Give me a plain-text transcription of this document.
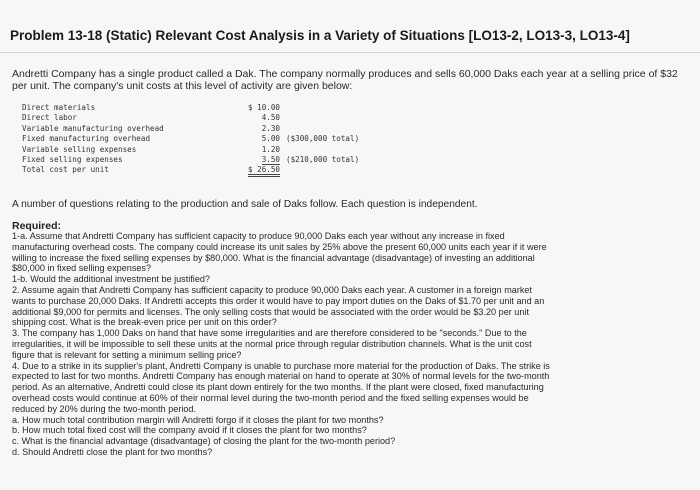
Problem 13-18 (Static) Relevant Cost Analysis in a Variety of Situations [LO13-2, LO13-3, LO13-4]
Andretti Company has a single product called a Dak. The company normally produces and sells 60,000 Daks each year at a selling price of $32 per unit. The company's unit costs at this level of activity are given below:
Direct materials	$ 10.00
Direct labor	4.50
Variable manufacturing overhead	2.30
Fixed manufacturing overhead	5.00 ($300,000 total)
Variable selling expenses	1.20
Fixed selling expenses	3.50 ($210,000 total)
Total cost per unit	$ 26.50
A number of questions relating to the production and sale of Daks follow. Each question is independent.
Required:

1-a. Assume that Andretti Company has sufficient capacity to produce 90,000 Daks each year without any increase in fixed

manufacturing overhead costs. The company could increase its unit sales by 25% above the present 60,000 units each year if it were

willing to increase the fixed selling expenses by $80,000. What is the financial advantage (disadvantage) of investing an additional

$80,000 in fixed selling expenses?

1-b. Would the additional investment be justified?

2. Assume again that Andretti Company has sufficient capacity to produce 90,000 Daks each year. A customer in a foreign market

wants to purchase 20,000 Daks. If Andretti accepts this order it would have to pay import duties on the Daks of $1.70 per unit and an

additional $9,000 for permits and licenses. The only selling costs that would be associated with the order would be $3.20 per unit

shipping cost. What is the break-even price per unit on this order?

3. The company has 1,000 Daks on hand that have some irregularities and are therefore considered to be "seconds." Due to the

irregularities, it will be impossible to sell these units at the normal price through regular distribution channels. What is the unit cost

figure that is relevant for setting a minimum selling price?

4. Due to a strike in its supplier's plant, Andretti Company is unable to purchase more material for the production of Daks. The strike is

expected to last for two months. Andretti Company has enough material on hand to operate at 30% of normal levels for the two-month

period. As an alternative, Andretti could close its plant down entirely for the two months. If the plant were closed, fixed manufacturing

overhead costs would continue at 60% of their normal level during the two-month period and the fixed selling expenses would be

reduced by 20% during the two-month period.

a. How much total contribution margin will Andretti forgo if it closes the plant for two months?

b. How much total fixed cost will the company avoid if it closes the plant for two months?

c. What is the financial advantage (disadvantage) of closing the plant for the two-month period?

d. Should Andretti close the plant for two months?
